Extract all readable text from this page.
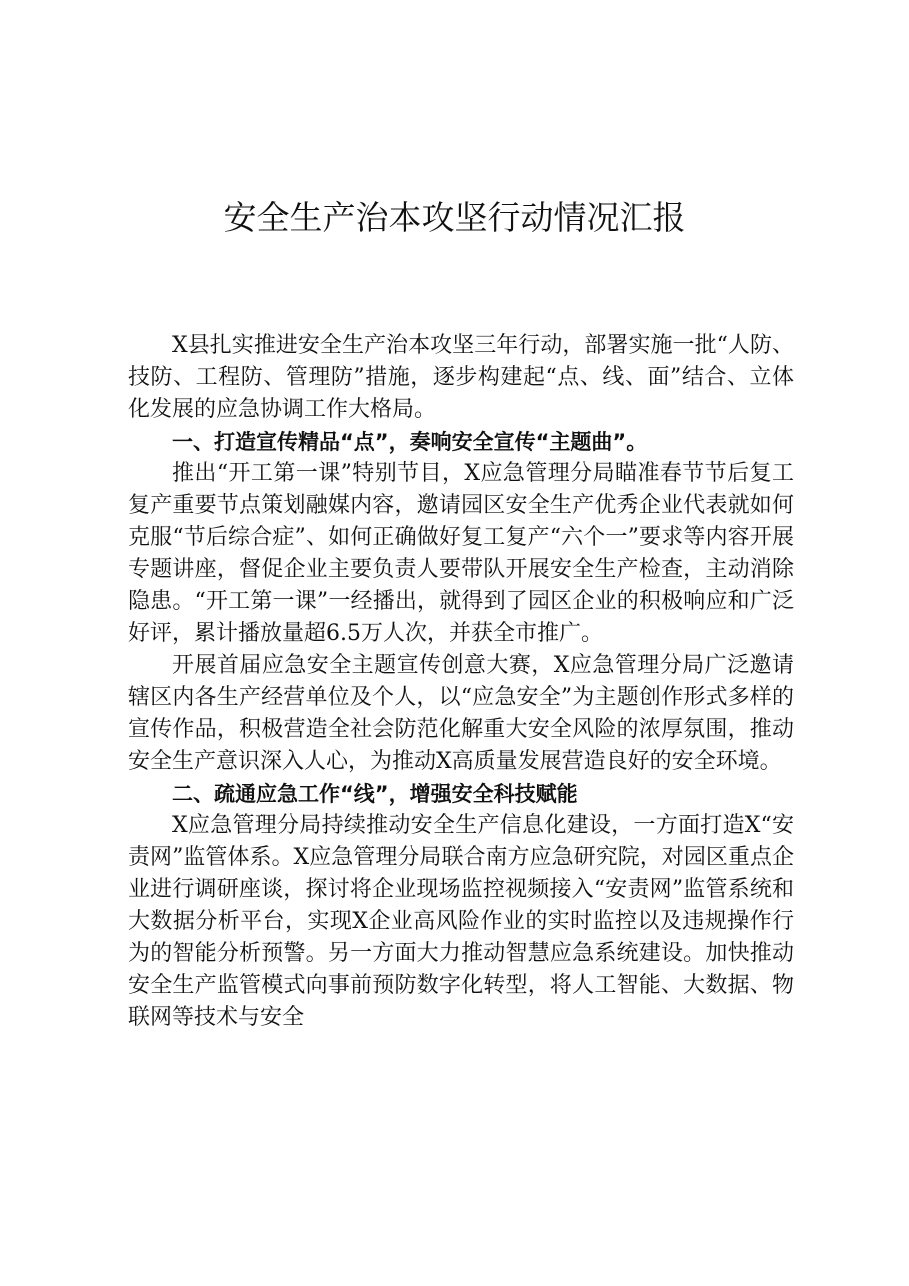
安全生产治本攻坚行动情况汇报

X县扎实推进安全生产治本攻坚三年行动，部署实施一批“人防、技防、工程防、管理防”措施，逐步构建起“点、线、面”结合、立体化发展的应急协调工作大格局。

一、打造宣传精品“点”，奏响安全宣传“主题曲”。

推出“开工第一课”特别节目，X应急管理分局瞄准春节节后复工复产重要节点策划融媒内容，邀请园区安全生产优秀企业代表就如何克服“节后综合症”、如何正确做好复工复产“六个一”要求等内容开展专题讲座，督促企业主要负责人要带队开展安全生产检查，主动消除隐患。“开工第一课”一经播出，就得到了园区企业的积极响应和广泛好评，累计播放量超6.5万人次，并获全市推广。

开展首届应急安全主题宣传创意大赛，X应急管理分局广泛邀请辖区内各生产经营单位及个人，以“应急安全”为主题创作形式多样的宣传作品，积极营造全社会防范化解重大安全风险的浓厚氛围，推动安全生产意识深入人心，为推动X高质量发展营造良好的安全环境。

二、疏通应急工作“线”，增强安全科技赋能

X应急管理分局持续推动安全生产信息化建设，一方面打造X“安责网”监管体系。X应急管理分局联合南方应急研究院，对园区重点企业进行调研座谈，探讨将企业现场监控视频接入“安责网”监管系统和大数据分析平台，实现X企业高风险作业的实时监控以及违规操作行为的智能分析预警。另一方面大力推动智慧应急系统建设。加快推动安全生产监管模式向事前预防数字化转型，将人工智能、大数据、物联网等技术与安全
